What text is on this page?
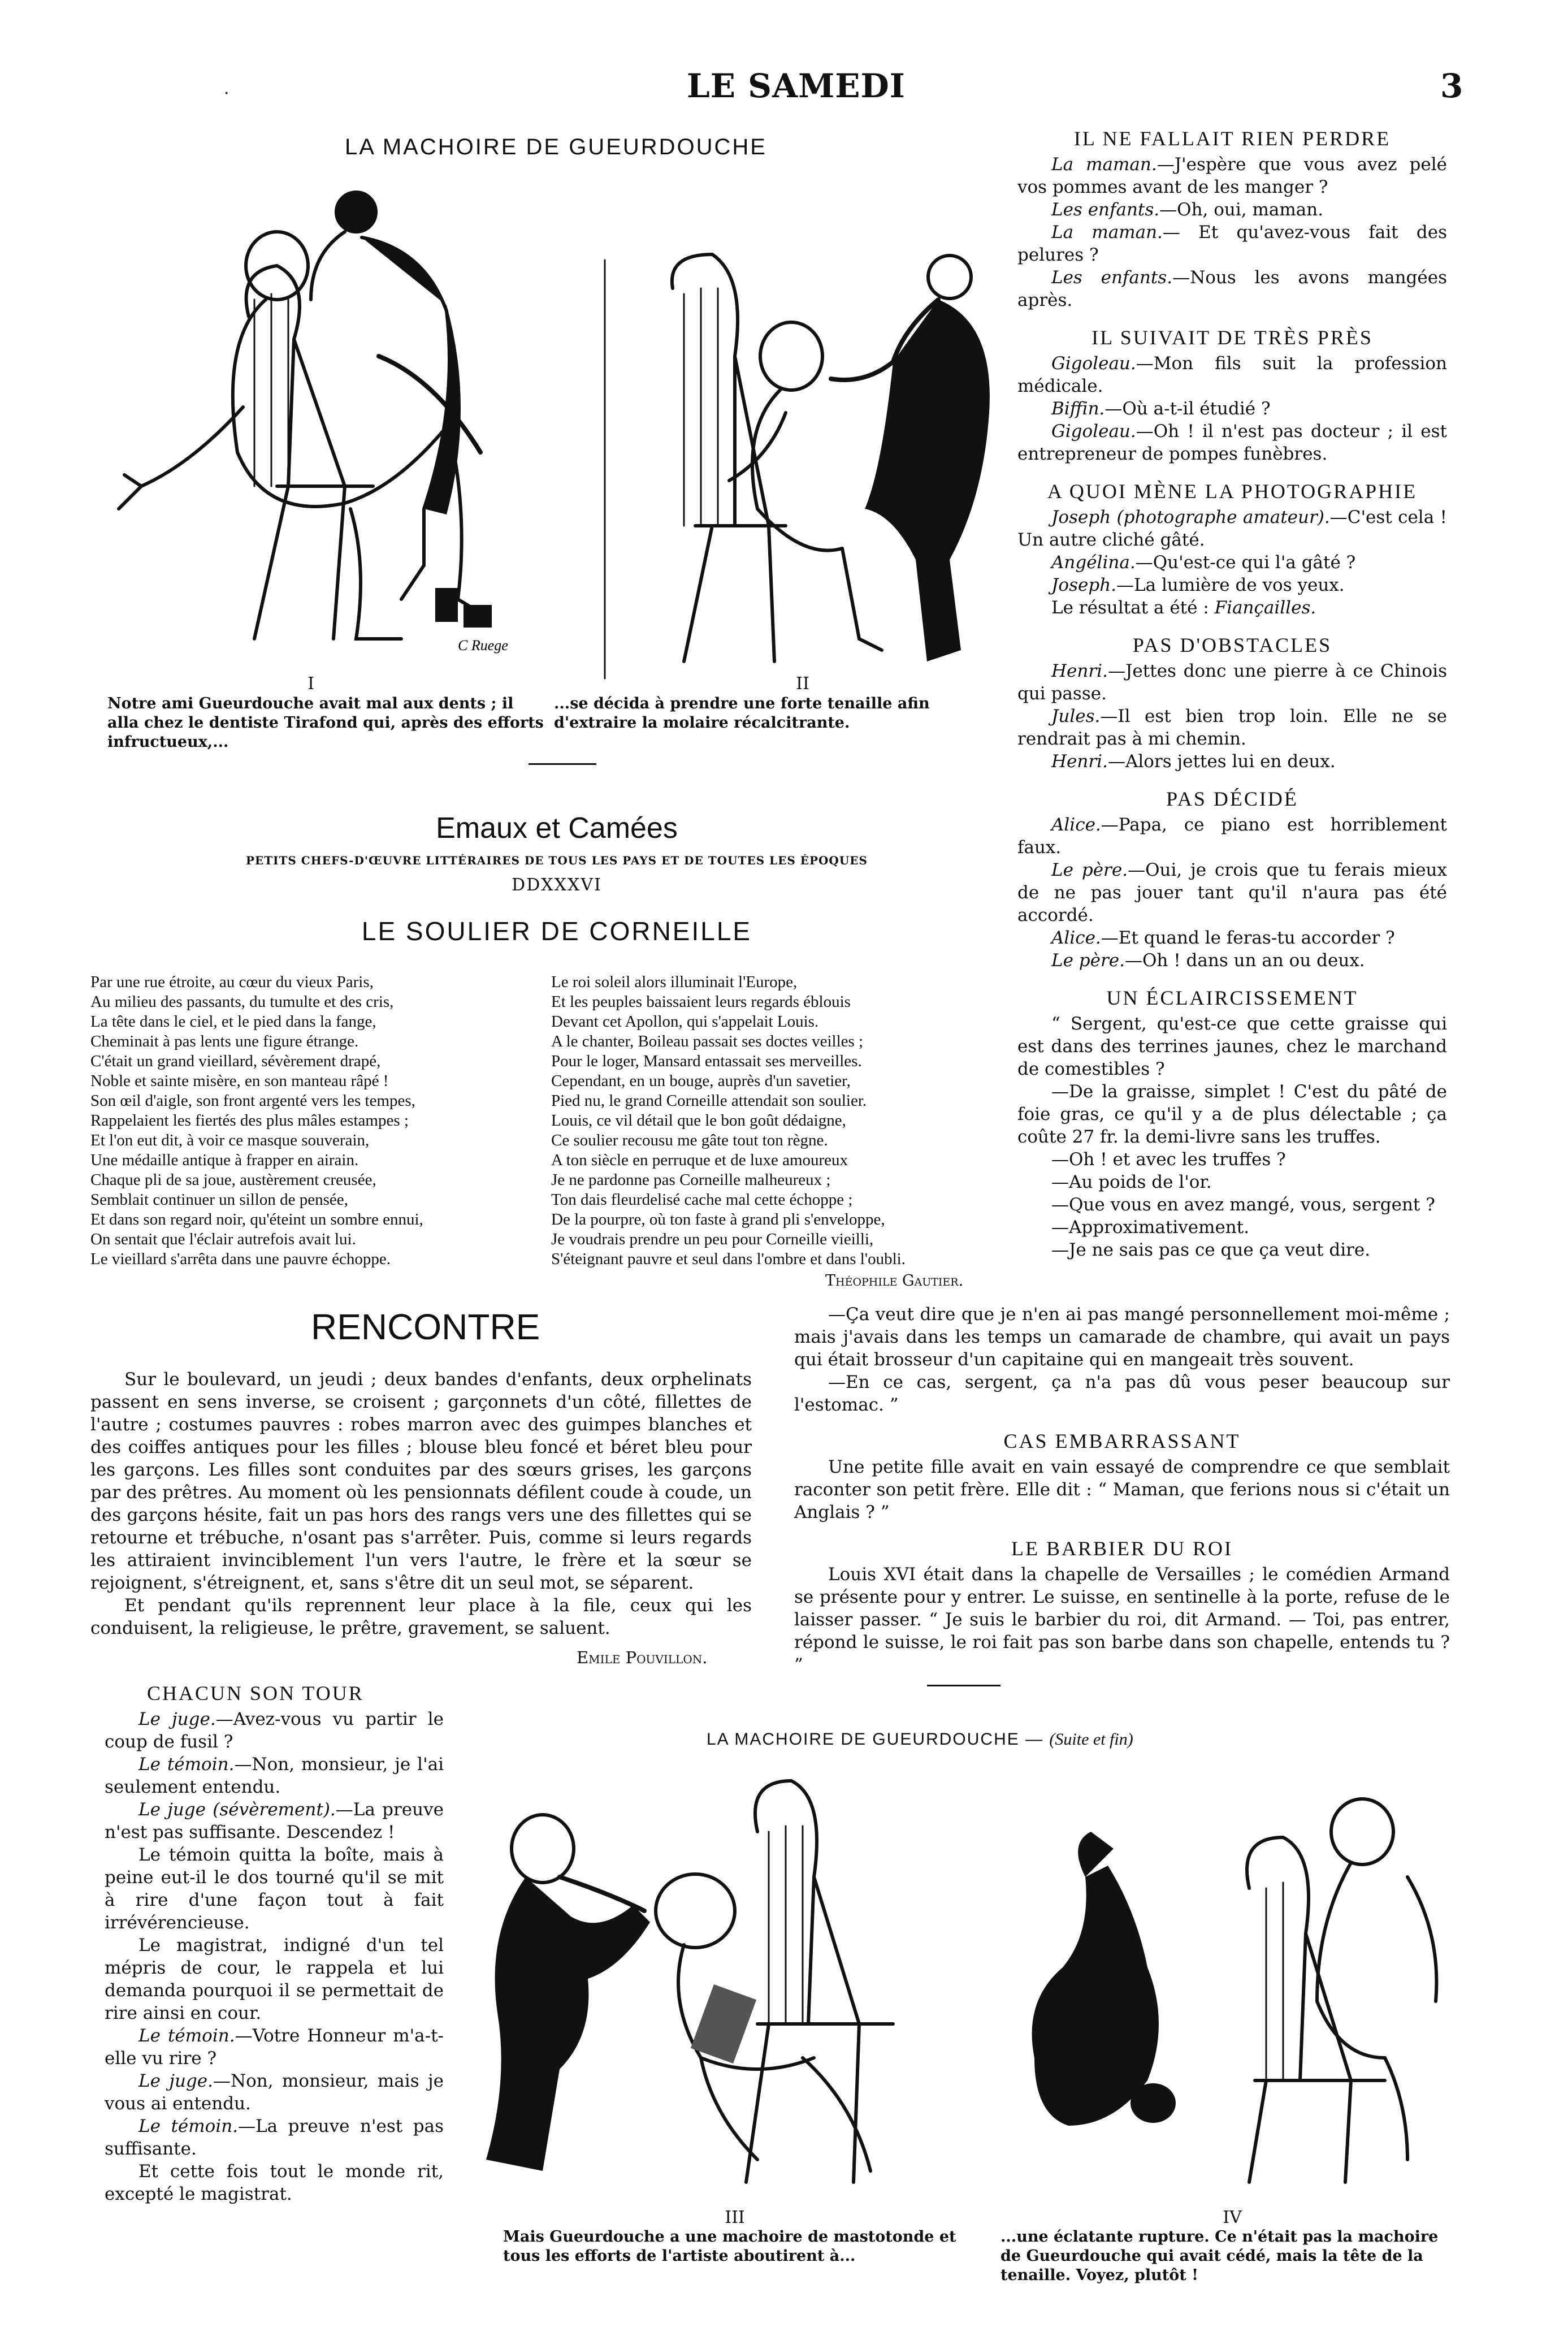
·	LE SAMEDI	3
LA MACHOIRE DE GUEURDOUCHE
C Ruege
I
Notre ami Gueurdouche avait mal aux dents ; il alla chez le dentiste Tirafond qui, après des efforts infructueux,...
II
...se décida à prendre une forte tenaille afin d'extraire la molaire récalcitrante.
Emaux et Camées
PETITS CHEFS-D'ŒUVRE LITTÉRAIRES DE TOUS LES PAYS ET DE TOUTES LES ÉPOQUES
DDXXXVI
LE SOULIER DE CORNEILLE
Par une rue étroite, au cœur du vieux Paris,
Au milieu des passants, du tumulte et des cris,
La tête dans le ciel, et le pied dans la fange,
Cheminait à pas lents une figure étrange.
C'était un grand vieillard, sévèrement drapé,
Noble et sainte misère, en son manteau râpé !
Son œil d'aigle, son front argenté vers les tempes,
Rappelaient les fiertés des plus mâles estampes ;
Et l'on eut dit, à voir ce masque souverain,
Une médaille antique à frapper en airain.
Chaque pli de sa joue, austèrement creusée,
Semblait continuer un sillon de pensée,
Et dans son regard noir, qu'éteint un sombre ennui,
On sentait que l'éclair autrefois avait lui.
Le vieillard s'arrêta dans une pauvre échoppe.
Le roi soleil alors illuminait l'Europe,
Et les peuples baissaient leurs regards éblouis
Devant cet Apollon, qui s'appelait Louis.
A le chanter, Boileau passait ses doctes veilles ;
Pour le loger, Mansard entassait ses merveilles.
Cependant, en un bouge, auprès d'un savetier,
Pied nu, le grand Corneille attendait son soulier.
Louis, ce vil détail que le bon goût dédaigne,
Ce soulier recousu me gâte tout ton règne.
A ton siècle en perruque et de luxe amoureux
Je ne pardonne pas Corneille malheureux ;
Ton dais fleurdelisé cache mal cette échoppe ;
De la pourpre, où ton faste à grand pli s'enveloppe,
Je voudrais prendre un peu pour Corneille vieilli,
S'éteignant pauvre et seul dans l'ombre et dans l'oubli.
Théophile Gautier.
RENCONTRE

Sur le boulevard, un jeudi ; deux bandes d'enfants, deux orphelinats passent en sens inverse, se croisent ; garçonnets d'un côté, fillettes de l'autre ; costumes pauvres : robes marron avec des guimpes blanches et des coiffes antiques pour les filles ; blouse bleu foncé et béret bleu pour les garçons. Les filles sont conduites par des sœurs grises, les garçons par des prêtres. Au moment où les pensionnats défilent coude à coude, un des garçons hésite, fait un pas hors des rangs vers une des fillettes qui se retourne et trébuche, n'osant pas s'arrêter. Puis, comme si leurs regards les attiraient invinciblement l'un vers l'autre, le frère et la sœur se rejoignent, s'étreignent, et, sans s'être dit un seul mot, se séparent.

Et pendant qu'ils reprennent leur place à la file, ceux qui les conduisent, la religieuse, le prêtre, gravement, se saluent.

Emile Pouvillon.
IL NE FALLAIT RIEN PERDRE

La maman.—J'espère que vous avez pelé vos pommes avant de les manger ?

Les enfants.—Oh, oui, maman.

La maman.— Et qu'avez-vous fait des pelures ?

Les enfants.—Nous les avons mangées après.

IL SUIVAIT DE TRÈS PRÈS

Gigoleau.—Mon fils suit la profession médicale.

Biffin.—Où a-t-il étudié ?

Gigoleau.—Oh ! il n'est pas docteur ; il est entrepreneur de pompes funèbres.

A QUOI MÈNE LA PHOTOGRAPHIE

Joseph (photographe amateur).—C'est cela ! Un autre cliché gâté.

Angélina.—Qu'est-ce qui l'a gâté ?

Joseph.—La lumière de vos yeux.

Le résultat a été : Fiançailles.

PAS D'OBSTACLES

Henri.—Jettes donc une pierre à ce Chinois qui passe.

Jules.—Il est bien trop loin. Elle ne se rendrait pas à mi chemin.

Henri.—Alors jettes lui en deux.

PAS DÉCIDÉ

Alice.—Papa, ce piano est horriblement faux.

Le père.—Oui, je crois que tu ferais mieux de ne pas jouer tant qu'il n'aura pas été accordé.

Alice.—Et quand le feras-tu accorder ?

Le père.—Oh ! dans un an ou deux.

UN ÉCLAIRCISSEMENT

“ Sergent, qu'est-ce que cette graisse qui est dans des terrines jaunes, chez le marchand de comestibles ?

—De la graisse, simplet ! C'est du pâté de foie gras, ce qu'il y a de plus délectable ; ça coûte 27 fr. la demi-livre sans les truffes.

—Oh ! et avec les truffes ?

—Au poids de l'or.

—Que vous en avez mangé, vous, sergent ?

—Approximativement.

—Je ne sais pas ce que ça veut dire.

—Ça veut dire que je n'en ai pas mangé personnellement moi-même ; mais j'avais dans les temps un camarade de chambre, qui avait un pays qui était brosseur d'un capitaine qui en mangeait très souvent.

—En ce cas, sergent, ça n'a pas dû vous peser beaucoup sur l'estomac. ”

CAS EMBARRASSANT

Une petite fille avait en vain essayé de comprendre ce que semblait raconter son petit frère. Elle dit : “ Maman, que ferions nous si c'était un Anglais ? ”

LE BARBIER DU ROI

Louis XVI était dans la chapelle de Versailles ; le comédien Armand se présente pour y entrer. Le suisse, en sentinelle à la porte, refuse de le laisser passer. “ Je suis le barbier du roi, dit Armand. — Toi, pas entrer, répond le suisse, le roi fait pas son barbe dans son chapelle, entends tu ? ”

CHACUN SON TOUR

Le juge.—Avez-vous vu partir le coup de fusil ?

Le témoin.—Non, monsieur, je l'ai seulement entendu.

Le juge (sévèrement).—La preuve n'est pas suffisante. Descendez !

Le témoin quitta la boîte, mais à peine eut-il le dos tourné qu'il se mit à rire d'une façon tout à fait irrévérencieuse.

Le magistrat, indigné d'un tel mépris de cour, le rappela et lui demanda pourquoi il se permettait de rire ainsi en cour.

Le témoin.—Votre Honneur m'a-t-elle vu rire ?

Le juge.—Non, monsieur, mais je vous ai entendu.

Le témoin.—La preuve n'est pas suffisante.

Et cette fois tout le monde rit, excepté le magistrat.

LA MACHOIRE DE GUEURDOUCHE — (Suite et fin)
III
Mais Gueurdouche a une machoire de mastotonde et tous les efforts de l'artiste aboutirent à...
IV
...une éclatante rupture. Ce n'était pas la machoire de Gueurdouche qui avait cédé, mais la tête de la tenaille. Voyez, plutôt !
